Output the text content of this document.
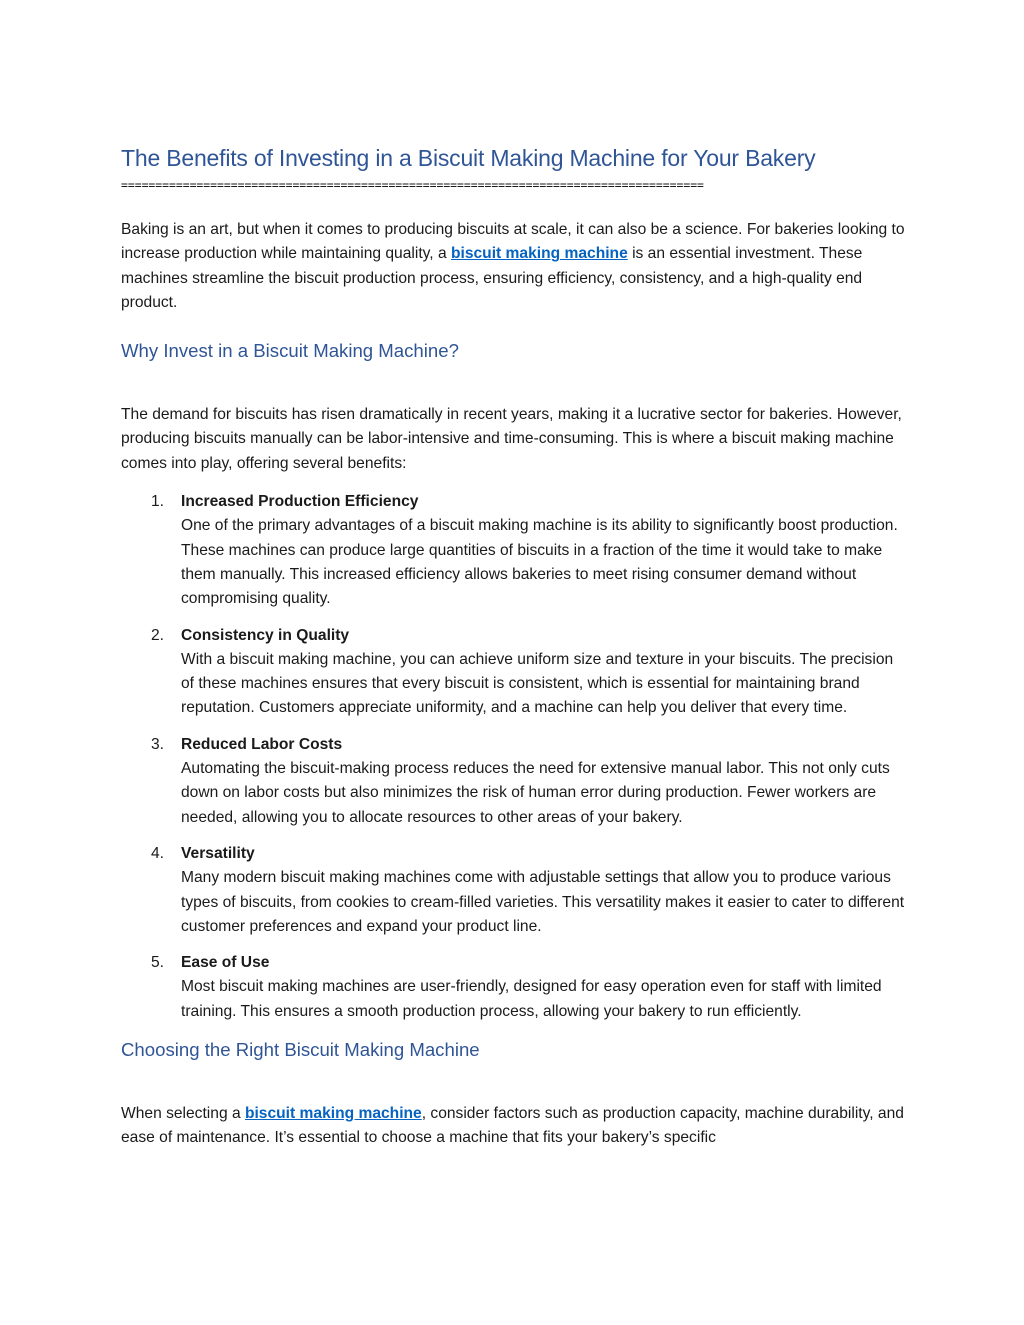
The Benefits of Investing in a Biscuit Making Machine for Your Bakery
=====================================================================================

Baking is an art, but when it comes to producing biscuits at scale, it can also be a science. For bakeries looking to increase production while maintaining quality, a biscuit making machine is an essential investment. These machines streamline the biscuit production process, ensuring efficiency, consistency, and a high-quality end product.

Why Invest in a Biscuit Making Machine?

The demand for biscuits has risen dramatically in recent years, making it a lucrative sector for bakeries. However, producing biscuits manually can be labor-intensive and time-consuming. This is where a biscuit making machine comes into play, offering several benefits:

1. Increased Production Efficiency
One of the primary advantages of a biscuit making machine is its ability to significantly boost production. These machines can produce large quantities of biscuits in a fraction of the time it would take to make them manually. This increased efficiency allows bakeries to meet rising consumer demand without compromising quality.
2. Consistency in Quality
With a biscuit making machine, you can achieve uniform size and texture in your biscuits. The precision of these machines ensures that every biscuit is consistent, which is essential for maintaining brand reputation. Customers appreciate uniformity, and a machine can help you deliver that every time.
3. Reduced Labor Costs
Automating the biscuit-making process reduces the need for extensive manual labor. This not only cuts down on labor costs but also minimizes the risk of human error during production. Fewer workers are needed, allowing you to allocate resources to other areas of your bakery.
4. Versatility
Many modern biscuit making machines come with adjustable settings that allow you to produce various types of biscuits, from cookies to cream-filled varieties. This versatility makes it easier to cater to different customer preferences and expand your product line.
5. Ease of Use
Most biscuit making machines are user-friendly, designed for easy operation even for staff with limited training. This ensures a smooth production process, allowing your bakery to run efficiently.
Choosing the Right Biscuit Making Machine

When selecting a biscuit making machine, consider factors such as production capacity, machine durability, and ease of maintenance. It’s essential to choose a machine that fits your bakery’s specific
